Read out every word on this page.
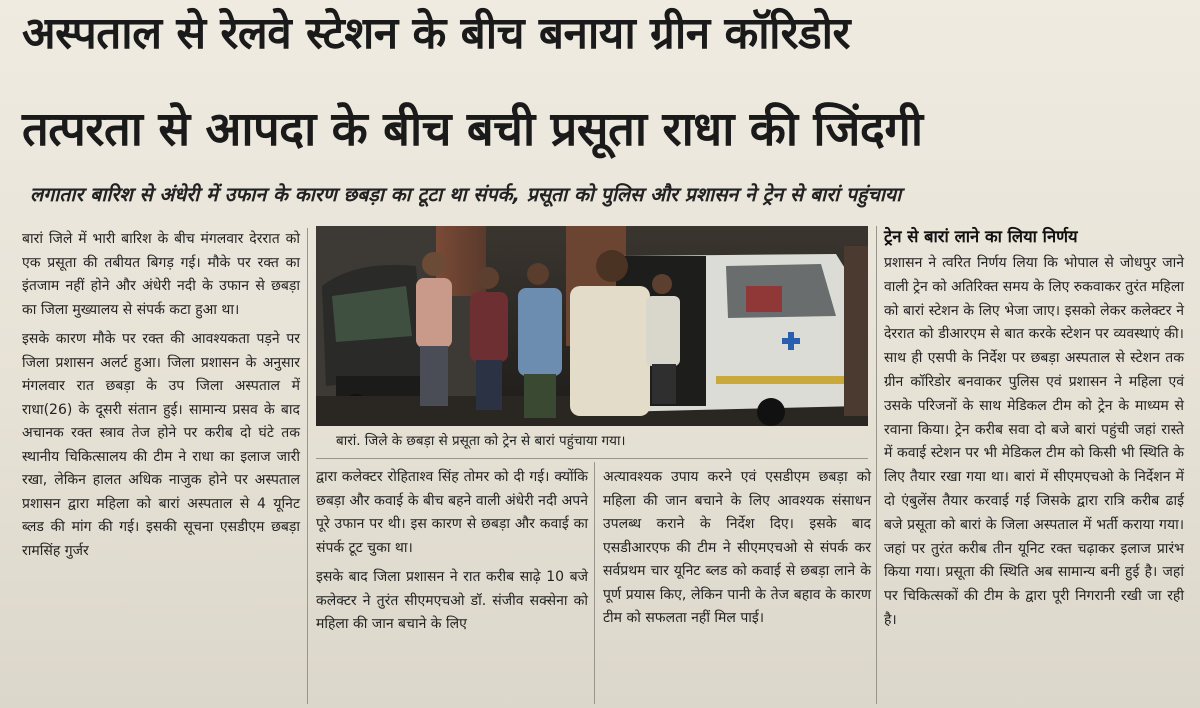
अस्पताल से रेलवे स्टेशन के बीच बनाया ग्रीन कॉरिडोर
तत्परता से आपदा के बीच बची प्रसूता राधा की जिंदगी
लगातार बारिश से अंधेरी में उफान के कारण छबड़ा का टूटा था संपर्क, प्रसूता को पुलिस और प्रशासन ने ट्रेन से बारां पहुंचाया
बारां. जिले के छबड़ा से प्रसूता को ट्रेन से बारां पहुंचाया गया।

बारां जिले में भारी बारिश के बीच मंगलवार देररात को एक प्रसूता की तबीयत बिगड़ गई। मौके पर रक्त का इंतजाम नहीं होने और अंधेरी नदी के उफान से छबड़ा का जिला मुख्यालय से संपर्क कटा हुआ था।

इसके कारण मौके पर रक्त की आवश्यकता पड़ने पर जिला प्रशासन अलर्ट हुआ। जिला प्रशासन के अनुसार मंगलवार रात छबड़ा के उप जिला अस्पताल में राधा(26) के दूसरी संतान हुई। सामान्य प्रसव के बाद अचानक रक्त स्त्राव तेज होने पर करीब दो घंटे तक स्थानीय चिकित्सालय की टीम ने राधा का इलाज जारी रखा, लेकिन हालत अधिक नाजुक होने पर अस्पताल प्रशासन द्वारा महिला को बारां अस्पताल से 4 यूनिट ब्लड की मांग की गई। इसकी सूचना एसडीएम छबड़ा रामसिंह गुर्जर

द्वारा कलेक्टर रोहिताश्व सिंह तोमर को दी गई। क्योंकि छबड़ा और कवाई के बीच बहने वाली अंधेरी नदी अपने पूरे उफान पर थी। इस कारण से छबड़ा और कवाई का संपर्क टूट चुका था।

इसके बाद जिला प्रशासन ने रात करीब साढ़े 10 बजे कलेक्टर ने तुरंत सीएमएचओ डॉ. संजीव सक्सेना को महिला की जान बचाने के लिए

अत्यावश्यक उपाय करने एवं एसडीएम छबड़ा को महिला की जान बचाने के लिए आवश्यक संसाधन उपलब्ध कराने के निर्देश दिए। इसके बाद एसडीआरएफ की टीम ने सीएमएचओ से संपर्क कर सर्वप्रथम चार यूनिट ब्लड को कवाई से छबड़ा लाने के पूर्ण प्रयास किए, लेकिन पानी के तेज बहाव के कारण टीम को सफलता नहीं मिल पाई।

ट्रेन से बारां लाने का लिया निर्णय

प्रशासन ने त्वरित निर्णय लिया कि भोपाल से जोधपुर जाने वाली ट्रेन को अतिरिक्त समय के लिए रुकवाकर तुरंत महिला को बारां स्टेशन के लिए भेजा जाए। इसको लेकर कलेक्टर ने देररात को डीआरएम से बात करके स्टेशन पर व्यवस्थाएं की। साथ ही एसपी के निर्देश पर छबड़ा अस्पताल से स्टेशन तक ग्रीन कॉरिडोर बनवाकर पुलिस एवं प्रशासन ने महिला एवं उसके परिजनों के साथ मेडिकल टीम को ट्रेन के माध्यम से रवाना किया। ट्रेन करीब सवा दो बजे बारां पहुंची जहां रास्ते में कवाई स्टेशन पर भी मेडिकल टीम को किसी भी स्थिति के लिए तैयार रखा गया था। बारां में सीएमएचओ के निर्देशन में दो एंबुलेंस तैयार करवाई गई जिसके द्वारा रात्रि करीब ढाई बजे प्रसूता को बारां के जिला अस्पताल में भर्ती कराया गया। जहां पर तुरंत करीब तीन यूनिट रक्त चढ़ाकर इलाज प्रारंभ किया गया। प्रसूता की स्थिति अब सामान्य बनी हुई है। जहां पर चिकित्सकों की टीम के द्वारा पूरी निगरानी रखी जा रही है।
